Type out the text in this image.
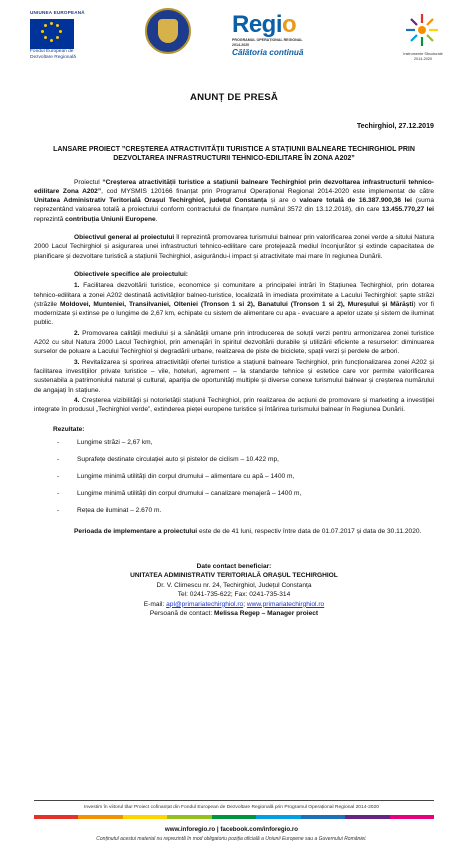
UNIUNEA EUROPEANĂ
Fondul European de
Dezvoltare Regională
Regio
PROGRAMUL OPERAȚIONAL REGIONAL
2014-2020
Călătoria continuă	Instrumente Structurale
2014-2020
ANUNȚ DE PRESĂ
Techirghiol, 27.12.2019
LANSARE PROIECT ”CREȘTEREA ATRACTIVITĂȚII TURISTICE A STAȚIUNII BALNEARE TECHIRGHIOL PRIN DEZVOLTAREA INFRASTRUCTURII TEHNICO-EDILITARE ÎN ZONA A202”

Proiectul “Creșterea atractivității turistice a stațiunii balneare Techirghiol prin dezvoltarea infrastructurii tehnico-edilitare Zona A202”, cod MYSMIS 120166 finanțat prin Programul Operațional Regional 2014-2020 este implementat de către Unitatea Administrativ Teritorială Orașul Techirghiol, județul Constanța și are o valoare totală de 16.387.900,36 lei (suma reprezentând valoarea totală a proiectului conform contractului de finanțare numărul 3572 din 13.12.2018), din care 13.455.770,27 lei reprezintă contribuția Uniunii Europene.

Obiectivul general al proiectului îl reprezintă promovarea turismului balnear prin valorificarea zonei verde a sitului Natura 2000 Lacul Techirghiol și asigurarea unei infrastructuri tehnico-edilitare care protejează mediul înconjurător și extinde capacitatea de planificare și dezvoltare turistică a stațiunii Techirghiol, asigurându-i impact și atractivitate mai mare în regiunea Dunării.

Obiectivele specifice ale proiectului:

1. Facilitarea dezvoltării turistice, economice și comunitare a principalei intrări în Stațiunea Techirghiol, prin dotarea tehnico-edilitara a zonei A202 destinată activităților balneo-turistice, localizată în imediata proximitate a Lacului Techirghiol: șapte străzi (străzile Moldovei, Munteniei, Transilvaniei, Olteniei (Tronson 1 si 2), Banatului (Tronson 1 si 2), Mureșului și Mărăști) vor fi modernizate și extinse pe o lungime de 2,67 km, echipate cu sistem de alimentare cu apa - evacuare a apelor uzate și sistem de iluminat public.

2. Promovarea calității mediului și a sănătății umane prin introducerea de soluții verzi pentru armonizarea zonei turistice A202 cu situl Natura 2000 Lacul Techirghiol, prin amenajări în spiritul dezvoltării durabile și utilizării eficiente a resurselor: diminuarea surselor de poluare a Lacului Techirghiol și degradării urbane, realizarea de piste de biciclete, spații verzi și perdele de arbori.

3. Revitalizarea și sporirea atractivității ofertei turistice a stațiunii balneare Techirghiol, prin funcționalizarea zonei A202 și facilitarea investițiilor private turistice – vile, hoteluri, agrement – la standarde tehnice și estetice care vor permite valorificarea sustenabila a patrimoniului natural și cultural, apariția de oportunități multiple și diverse conexe turismului balnear și creșterea numărului de angajați în stațiune.

4. Creșterea vizibilității și notorietății stațiunii Techirghiol, prin realizarea de acțiuni de promovare și marketing a investiției integrate în produsul „Techirghiol verde”, extinderea pieței europene turistice și întărirea turismului balnear în Regiunea Dunării.

Rezultate:
- Lungime străzi – 2,67 km,
- Suprafețe destinate circulației auto și pistelor de ciclism – 10.422 mp,
- Lungime minimă utilități din corpul drumului – alimentare cu apă – 1400 m,
- Lungime minimă utilități din corpul drumului – canalizare menajeră – 1400 m,
- Rețea de iluminat – 2.670 m.

Perioada de implementare a proiectului este de de 41 luni, respectiv între data de 01.07.2017 și data de 30.11.2020.

Date contact beneficiar:
UNITATEA ADMINISTRATIV TERITORIALĂ ORAȘUL TECHIRGHIOL
Dr. V. Climescu nr. 24, Techirghiol, Județul Constanța
Tel: 0241-735-622; Fax: 0241-735-314
E-mail: apl@primariatechirghiol.ro; www.primariatechirghiol.ro
Persoană de contact: Melissa Regep – Manager proiect
Investim în viitorul tău! Proiect cofinanțat din Fondul European de Dezvoltare Regională prin Programul Operațional Regional 2014-2020
www.inforegio.ro | facebook.com/inforegio.ro
Conținutul acestui material nu reprezintă în mod obligatoriu poziția oficială a Uniunii Europene sau a Guvernului României.
